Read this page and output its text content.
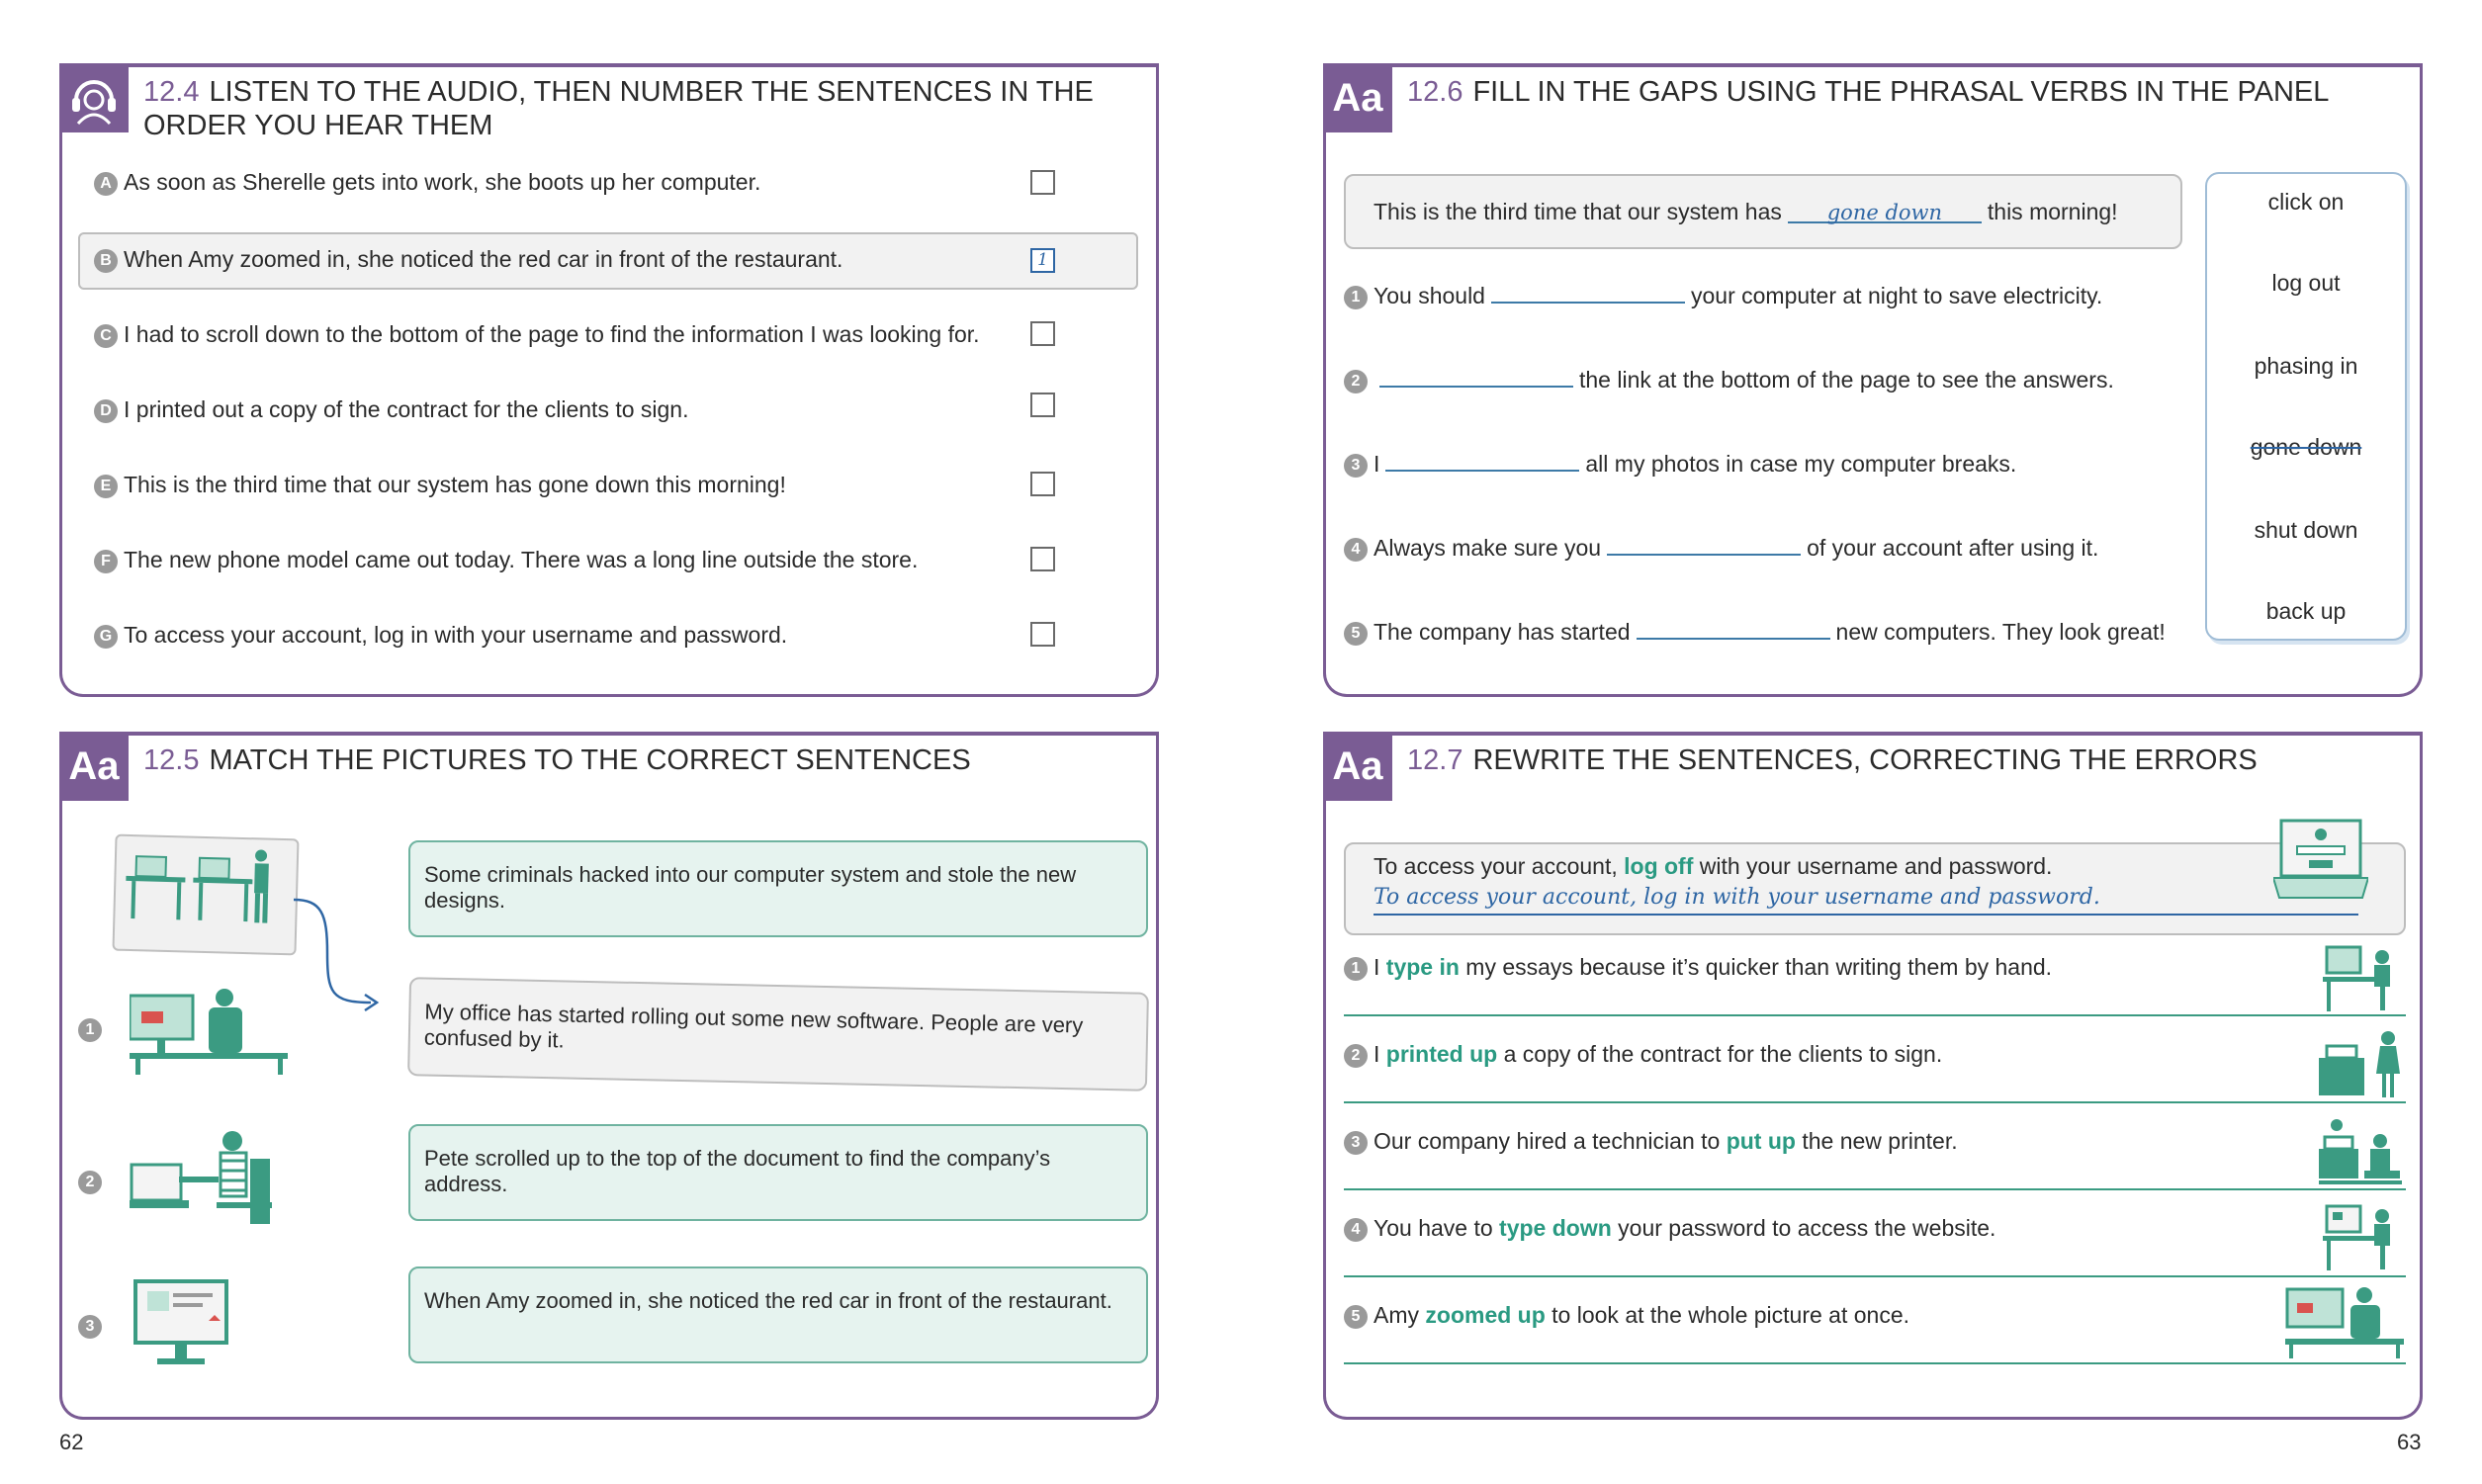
12.4 LISTEN TO THE AUDIO, THEN NUMBER THE SENTENCES IN THE ORDER YOU HEAR THEM
A As soon as Sherelle gets into work, she boots up her computer.
B When Amy zoomed in, she noticed the red car in front of the restaurant.	1
C I had to scroll down to the bottom of the page to find the information I was looking for.
D I printed out a copy of the contract for the clients to sign.
E This is the third time that our system has gone down this morning!
F The new phone model came out today. There was a long line outside the store.
G To access your account, log in with your username and password.
Aa 12.6 FILL IN THE GAPS USING THE PHRASAL VERBS IN THE PANEL
This is the third time that our system has gone down this morning!
1 You should	your computer at night to save electricity.
2	the link at the bottom of the page to see the answers.
3 I	all my photos in case my computer breaks.
4 Always make sure you	of your account after using it.
5 The company has started	new computers. They look great!
click on
log out
phasing in
gone down
shut down
back up
Aa 12.5 MATCH THE PICTURES TO THE CORRECT SENTENCES
1
2
3
Some criminals hacked into our computer system and stole the new designs.
My office has started rolling out some new software. People are very confused by it.
Pete scrolled up to the top of the document to find the company’s address.
When Amy zoomed in, she noticed the red car in front of the restaurant.
Aa 12.7 REWRITE THE SENTENCES, CORRECTING THE ERRORS
To access your account, log off with your username and password.
To access your account, log in with your username and password.
1 I type in my essays because it’s quicker than writing them by hand.
2 I printed up a copy of the contract for the clients to sign.
3 Our company hired a technician to put up the new printer.
4 You have to type down your password to access the website.
5 Amy zoomed up to look at the whole picture at once.
62	63
